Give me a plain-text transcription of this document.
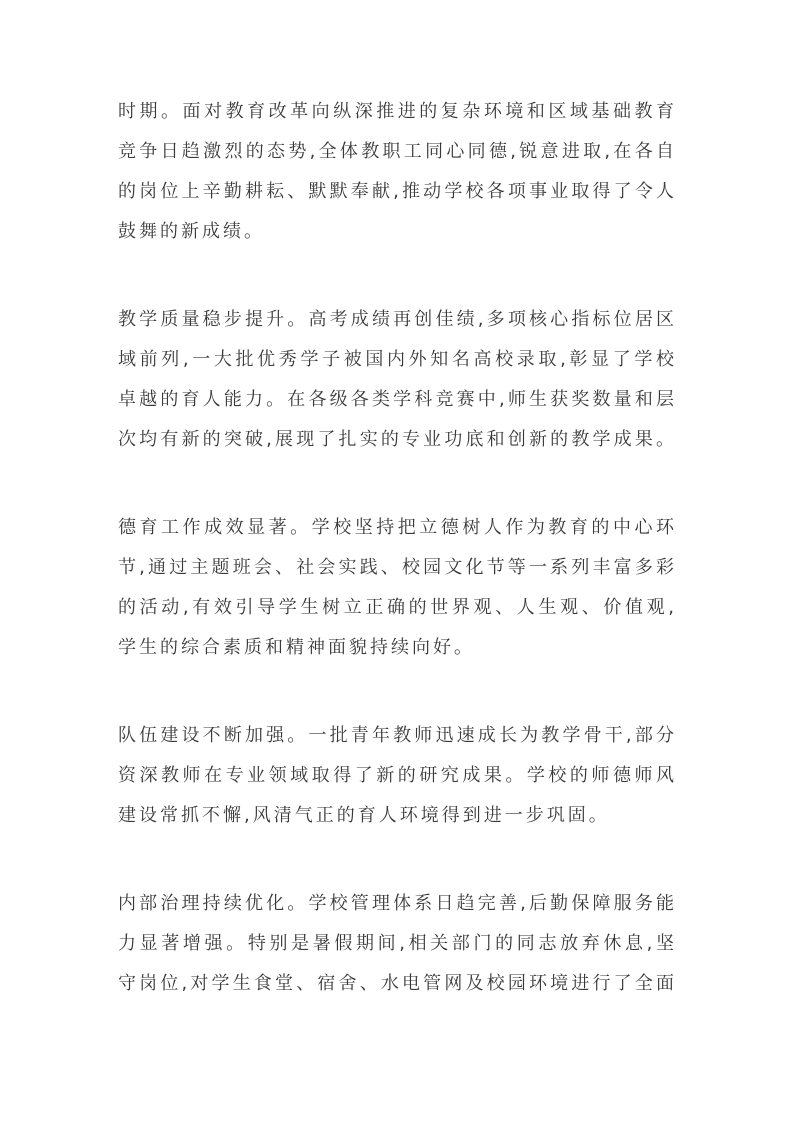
时期。面对教育改革向纵深推进的复杂环境和区域基础教育
竞争日趋激烈的态势,全体教职工同心同德,锐意进取,在各自
的岗位上辛勤耕耘、默默奉献,推动学校各项事业取得了令人
鼓舞的新成绩。
教学质量稳步提升。高考成绩再创佳绩,多项核心指标位居区
域前列,一大批优秀学子被国内外知名高校录取,彰显了学校
卓越的育人能力。在各级各类学科竞赛中,师生获奖数量和层
次均有新的突破,展现了扎实的专业功底和创新的教学成果。
德育工作成效显著。学校坚持把立德树人作为教育的中心环
节,通过主题班会、社会实践、校园文化节等一系列丰富多彩
的活动,有效引导学生树立正确的世界观、人生观、价值观,
学生的综合素质和精神面貌持续向好。
队伍建设不断加强。一批青年教师迅速成长为教学骨干,部分
资深教师在专业领域取得了新的研究成果。学校的师德师风
建设常抓不懈,风清气正的育人环境得到进一步巩固。
内部治理持续优化。学校管理体系日趋完善,后勤保障服务能
力显著增强。特别是暑假期间,相关部门的同志放弃休息,坚
守岗位,对学生食堂、宿舍、水电管网及校园环境进行了全面
